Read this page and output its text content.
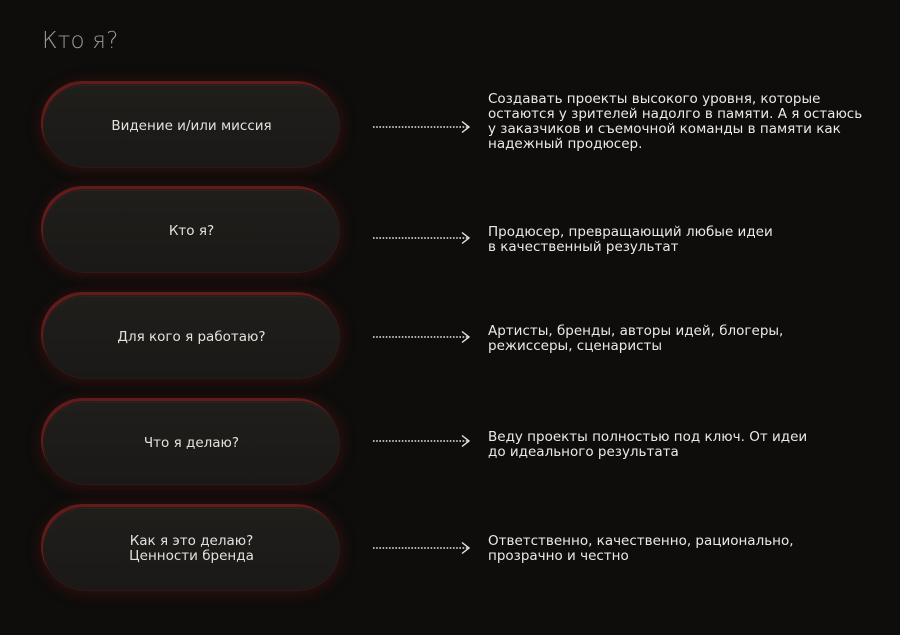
Кто я?
Видение и/или миссия
Создавать проекты высокого уровня, которые
остаются у зрителей надолго в памяти. А я остаюсь
у заказчиков и съемочной команды в памяти как
надежный продюсер.
Кто я?	Продюсер, превращающий любые идеи
в качественный результат
Для кого я работаю?	Артисты, бренды, авторы идей, блогеры,
режиссеры, сценаристы
Что я делаю?	Веду проекты полностью под ключ. От идеи
до идеального результата
Как я это делаю?
Ценности бренда
Ответственно, качественно, рационально,
прозрачно и честно
